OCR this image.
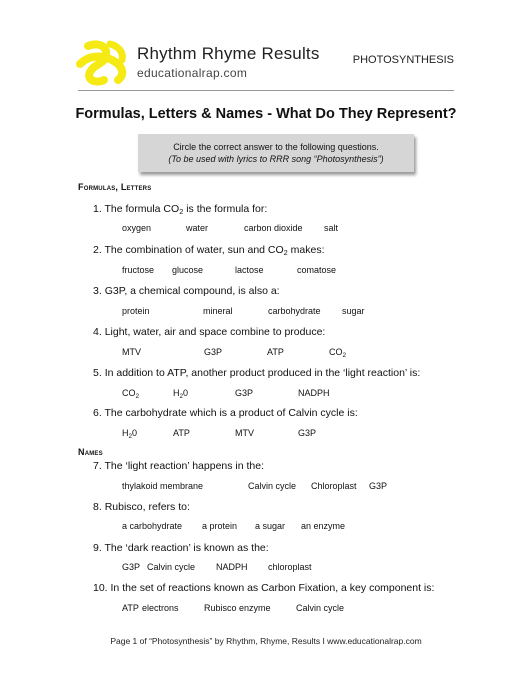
Rhythm Rhyme Results
educationalrap.com
PHOTOSYNTHESIS
Formulas, Letters & Names - What Do They Represent?
Circle the correct answer to the following questions.
(To be used with lyrics to RRR song “Photosynthesis”)
Formulas, Letters
Names
1. The formula $CO_2$ is the formula for:
oxygen	water	carbon dioxide salt
2. The combination of water, sun and $CO_2$ makes:
fructose glucose	lactose	comatose
3. G3P, a chemical compound, is also a:
protein	mineral	carbohydrate sugar
4. Light, water, air and space combine to produce:
MTV	G3P	ATP	$CO_2$
5. In addition to ATP, another product produced in the ‘light reaction’ is:
$CO_2$	$H_20$	G3P	NADPH
6. The carbohydrate which is a product of Calvin cycle is:
$H_20$	ATP	MTV	G3P
7. The ‘light reaction’ happens in the:
thylakoid membrane	Calvin cycle Chloroplast G3P
8. Rubisco, refers to:
a carbohydrate a protein a sugar an enzyme
9. The ‘dark reaction’ is known as the:
G3P Calvin cycle NADPH chloroplast
10. In the set of reactions known as Carbon Fixation, a key component is:
ATP electrons	Rubisco enzyme	Calvin cycle
Page 1 of “Photosynthesis” by Rhythm, Rhyme, Results I www.educationalrap.com
